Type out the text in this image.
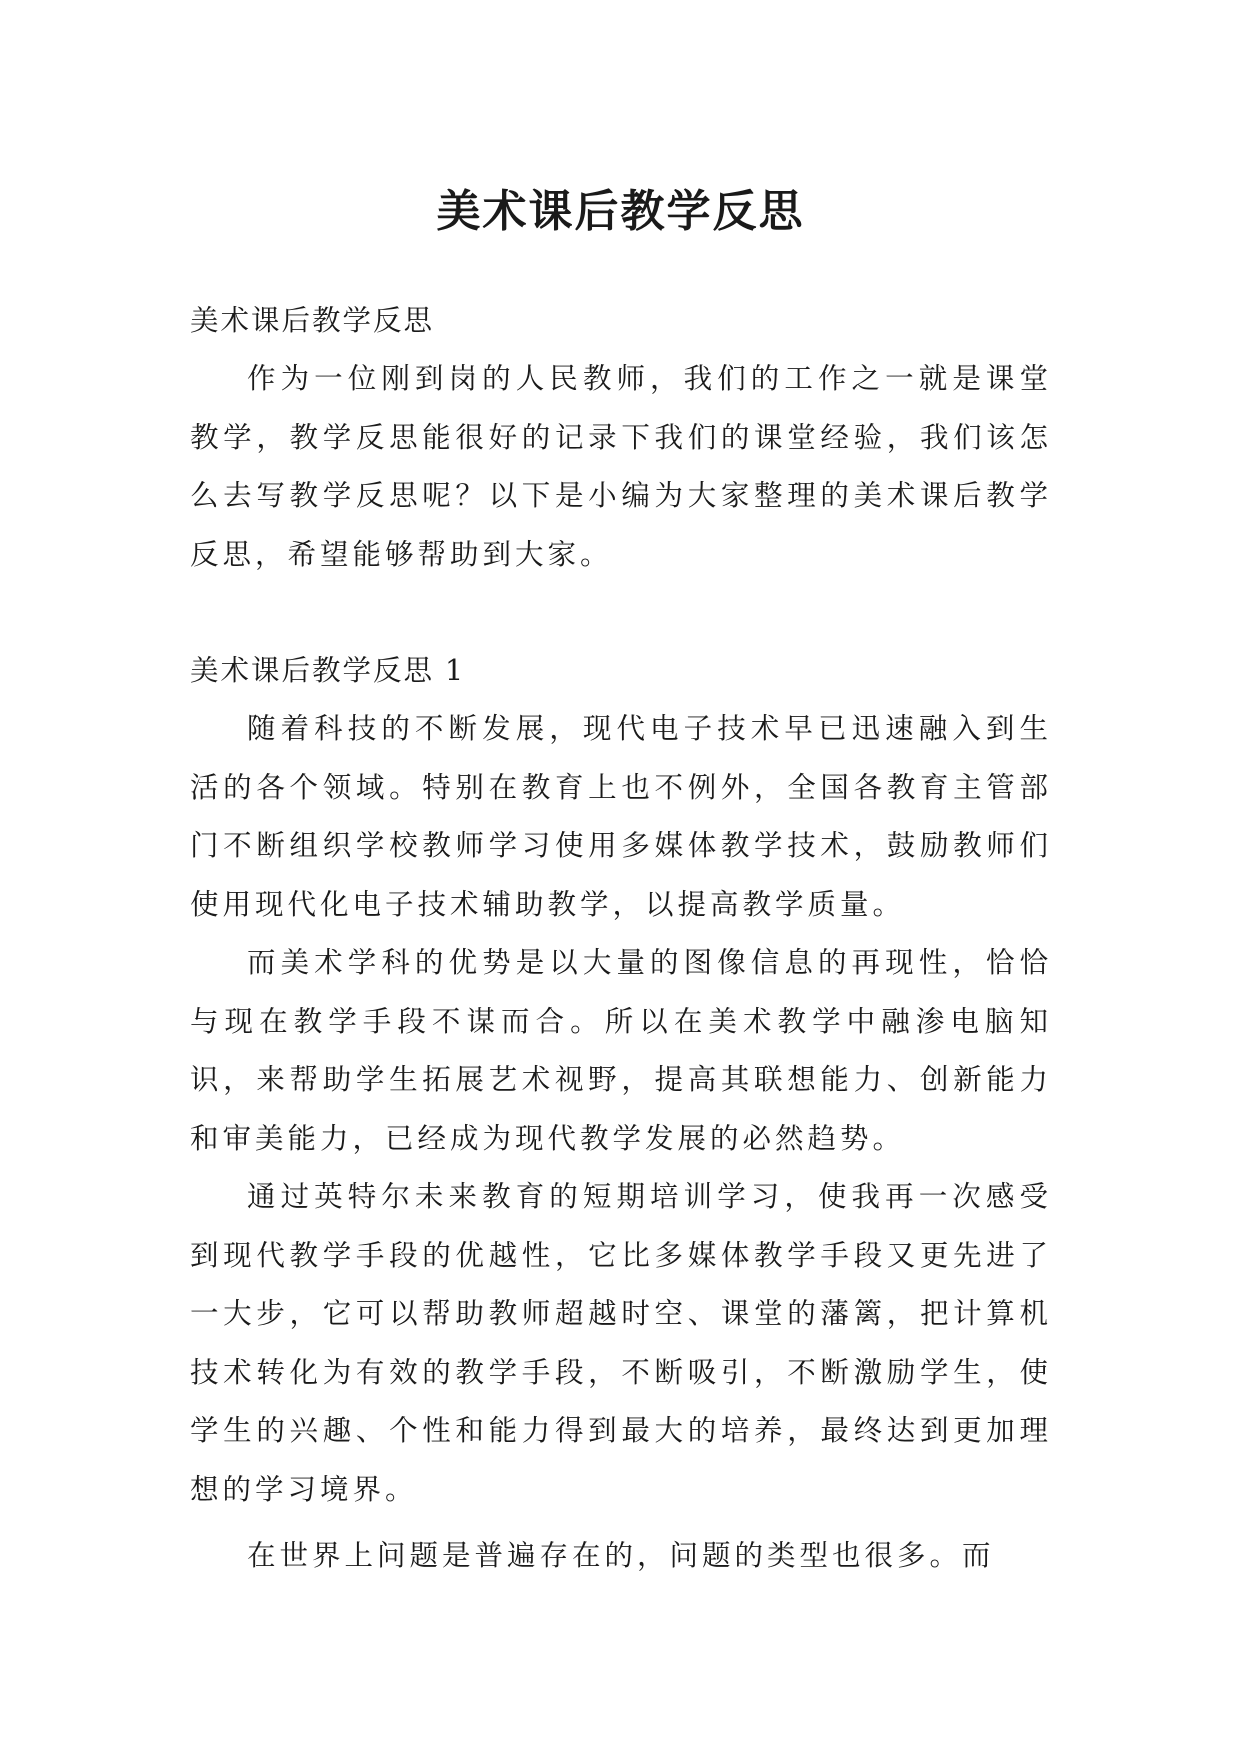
美术课后教学反思

美术课后教学反思

作为一位刚到岗的人民教师，我们的工作之一就是课堂教学，教学反思能很好的记录下我们的课堂经验，我们该怎么去写教学反思呢？以下是小编为大家整理的美术课后教学反思，希望能够帮助到大家。

美术课后教学反思 1

随着科技的不断发展，现代电子技术早已迅速融入到生活的各个领域。特别在教育上也不例外，全国各教育主管部门不断组织学校教师学习使用多媒体教学技术，鼓励教师们使用现代化电子技术辅助教学，以提高教学质量。

而美术学科的优势是以大量的图像信息的再现性，恰恰与现在教学手段不谋而合。所以在美术教学中融渗电脑知识，来帮助学生拓展艺术视野，提高其联想能力、创新能力和审美能力，已经成为现代教学发展的必然趋势。

通过英特尔未来教育的短期培训学习，使我再一次感受到现代教学手段的优越性，它比多媒体教学手段又更先进了一大步，它可以帮助教师超越时空、课堂的藩篱，把计算机技术转化为有效的教学手段，不断吸引，不断激励学生，使学生的兴趣、个性和能力得到最大的培养，最终达到更加理想的学习境界。

在世界上问题是普遍存在的，问题的类型也很多。而
